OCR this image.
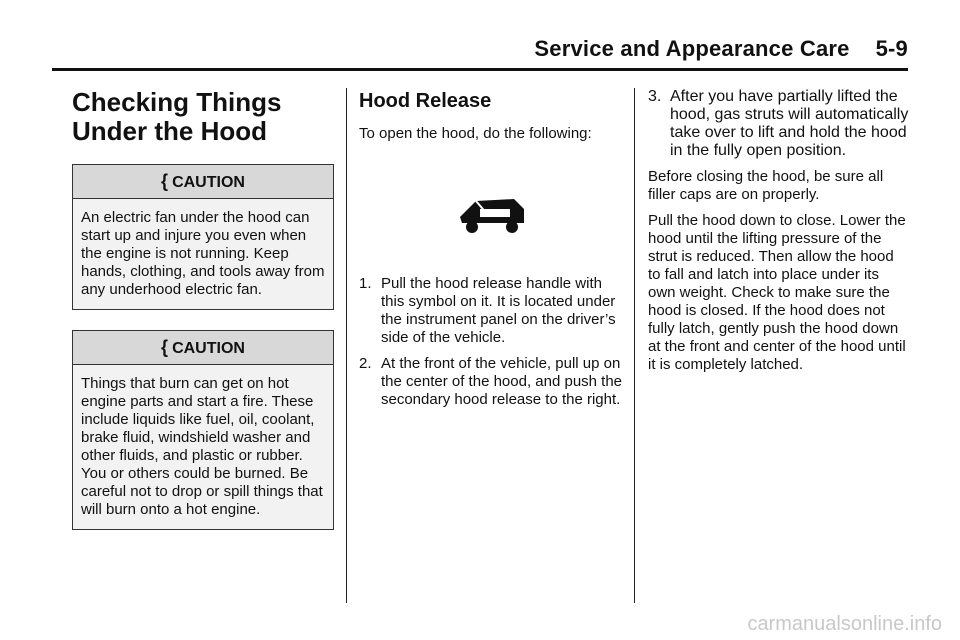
Service and Appearance Care 5-9
Checking Things
Under the Hood
{ CAUTION

An electric fan under the hood can start up and injure you even when the engine is not running. Keep hands, clothing, and tools away from any underhood electric fan.

{ CAUTION

Things that burn can get on hot engine parts and start a fire. These include liquids like fuel, oil, coolant, brake fluid, windshield washer and other fluids, and plastic or rubber. You or others could be burned. Be careful not to drop or spill things that will burn onto a hot engine.

Hood Release

To open the hood, do the following:

1. Pull the hood release handle with this symbol on it. It is located under the instrument panel on the driver’s side of the vehicle.
2. At the front of the vehicle, pull up on the center of the hood, and push the secondary hood release to the right.
3. After you have partially lifted the hood, gas struts will automatically take over to lift and hold the hood in the fully open position.

Before closing the hood, be sure all filler caps are on properly.

Pull the hood down to close. Lower the hood until the lifting pressure of the strut is reduced. Then allow the hood to fall and latch into place under its own weight. Check to make sure the hood is closed. If the hood does not fully latch, gently push the hood down at the front and center of the hood until it is completely latched.

carmanualsonline.info
